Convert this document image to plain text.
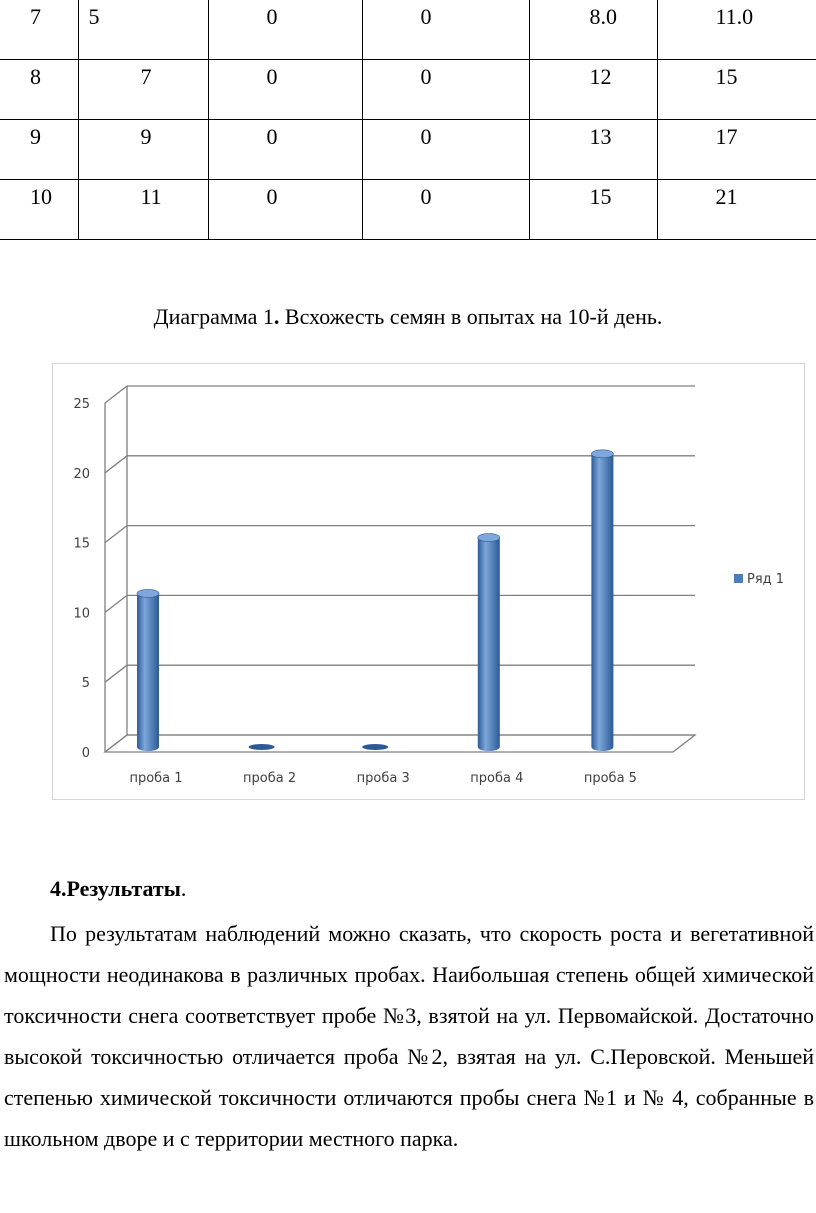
7	5	0	0	8.0	11.0

8	7	0	0	12	15

9	9	0	0	13	17

10	11	0	0	15	21
Диаграмма 1. Всхожесть семян в опытах на 10-й день.
0
5
10
15
20
25
проба 1	проба 2	проба 3	проба 4	проба 5
Ряд 1
4.Результаты.

По результатам наблюдений можно сказать, что скорость роста и вегетативной мощности неодинакова в различных пробах. Наибольшая степень общей химической токсичности снега соответствует пробе №3, взятой на ул. Первомайской. Достаточно высокой токсичностью отличается проба №2, взятая на ул. С.Перовской. Меньшей степенью химической токсичности отличаются пробы снега №1 и № 4, собранные в школьном дворе и с территории местного парка.
